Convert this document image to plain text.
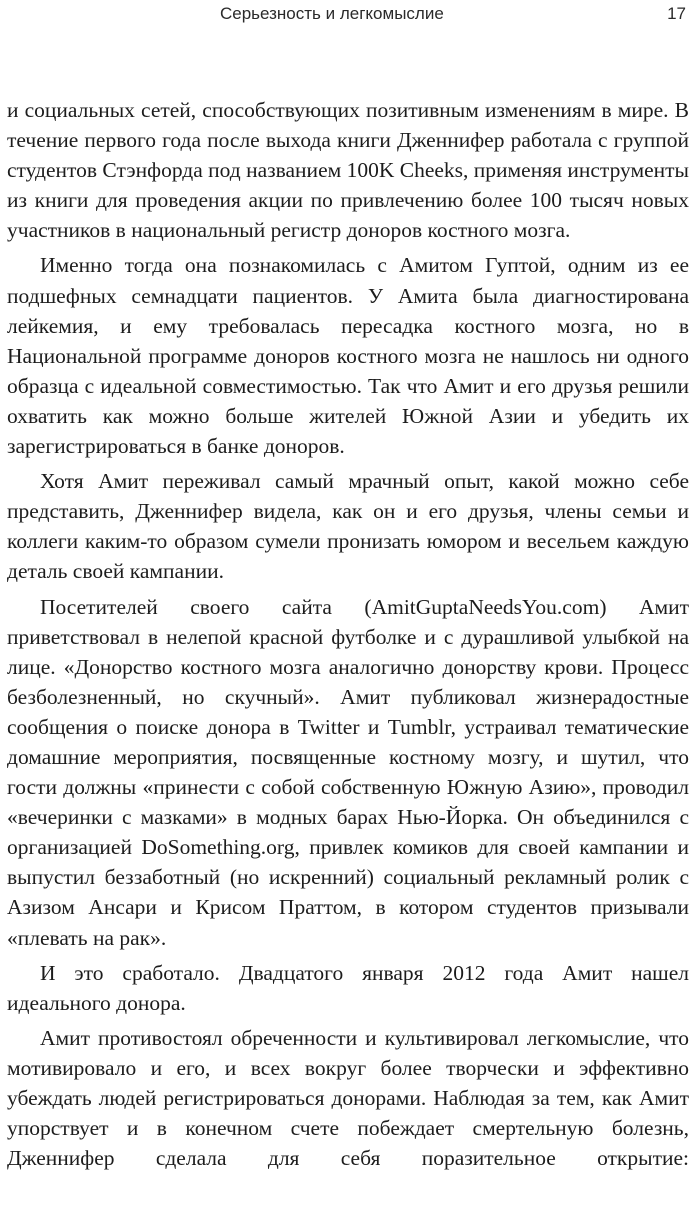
Серьезность и легкомыслие	17

и социальных сетей, способствующих позитивным изменениям в мире. В течение первого года после выхода книги Дженнифер работала с группой студентов Стэнфорда под названием 100K Cheeks, применяя инструменты из книги для проведения акции по привлечению более 100 тысяч новых участников в национальный регистр доноров костного мозга.

Именно тогда она познакомилась с Амитом Гуптой, одним из ее подшефных семнадцати пациентов. У Амита была диагностирована лейкемия, и ему требовалась пересадка костного мозга, но в Национальной программе доноров костного мозга не нашлось ни одного образца с идеальной совместимостью. Так что Амит и его друзья решили охватить как можно больше жителей Южной Азии и убедить их зарегистрироваться в банке доноров.

Хотя Амит переживал самый мрачный опыт, какой можно себе представить, Дженнифер видела, как он и его друзья, члены семьи и коллеги каким-то образом сумели пронизать юмором и весельем каждую деталь своей кампании.

Посетителей своего сайта (AmitGuptaNeedsYou.com) Амит приветствовал в нелепой красной футболке и с дурашливой улыбкой на лице. «Донорство костного мозга аналогично донорству крови. Процесс безболезненный, но скучный». Амит публиковал жизнерадостные сообщения о поиске донора в Twitter и Tumblr, устраивал тематические домашние мероприятия, посвященные костному мозгу, и шутил, что гости должны «принести с собой собственную Южную Азию», проводил «вечеринки с мазками» в модных барах Нью-Йорка. Он объединился с организацией DoSomething.org, привлек комиков для своей кампании и выпустил беззаботный (но искренний) социальный рекламный ролик с Азизом Ансари и Крисом Праттом, в котором студентов призывали «плевать на рак».

И это сработало. Двадцатого января 2012 года Амит нашел идеального донора.

Амит противостоял обреченности и культивировал легкомыслие, что мотивировало и его, и всех вокруг более творчески и эффективно убеждать людей регистрироваться донорами. Наблюдая за тем, как Амит упорствует и в конечном счете побеждает смертельную болезнь, Дженнифер сделала для себя поразительное открытие:
